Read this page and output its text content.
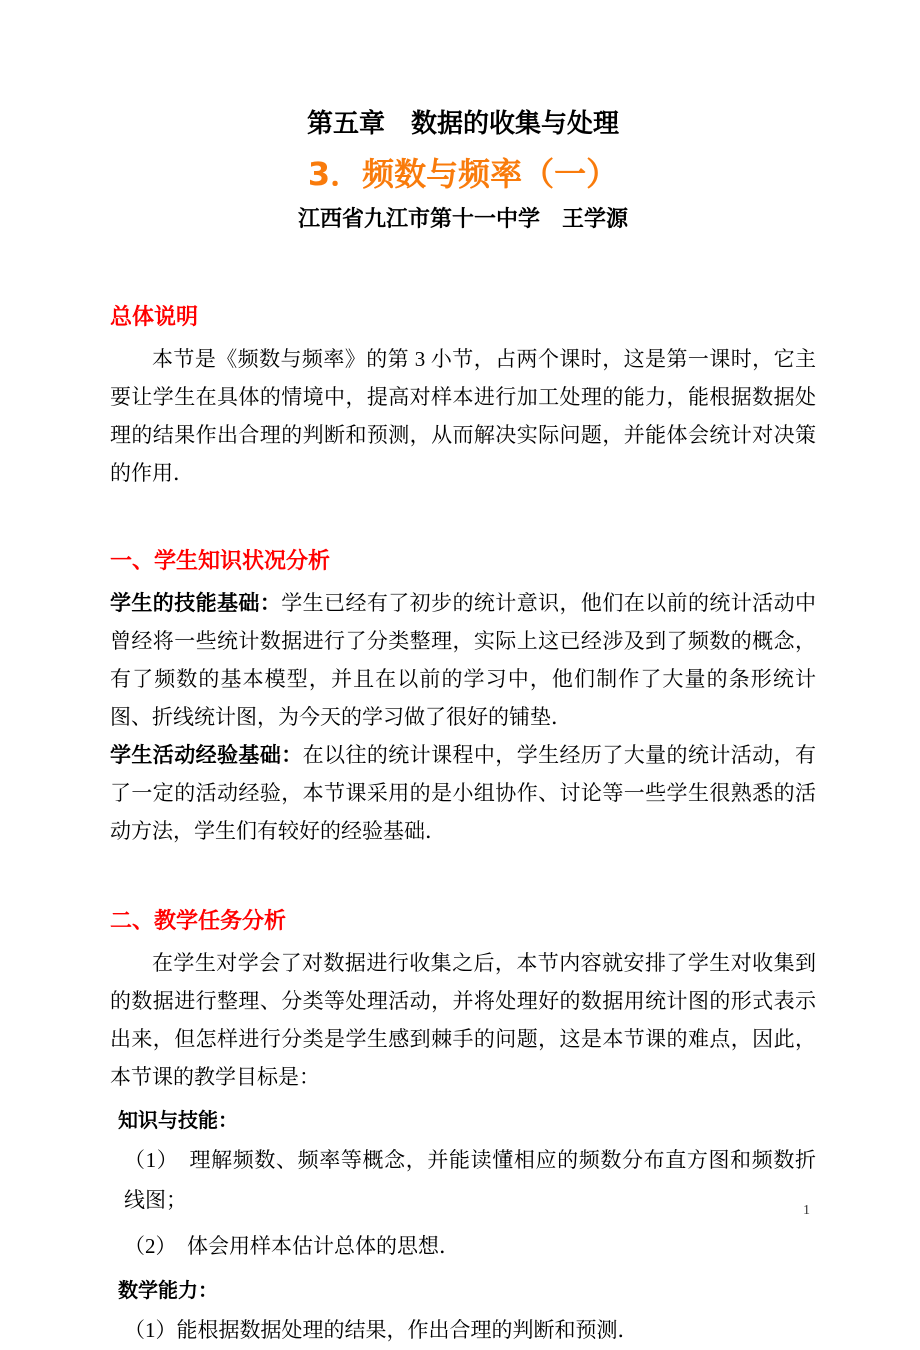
第五章　数据的收集与处理
3．频数与频率（一）
江西省九江市第十一中学　王学源
总体说明

本节是《频数与频率》的第 3 小节，占两个课时，这是第一课时，它主要让学生在具体的情境中，提高对样本进行加工处理的能力，能根据数据处理的结果作出合理的判断和预测，从而解决实际问题，并能体会统计对决策的作用．

一、学生知识状况分析

学生的技能基础：学生已经有了初步的统计意识，他们在以前的统计活动中曾经将一些统计数据进行了分类整理，实际上这已经涉及到了频数的概念，有了频数的基本模型，并且在以前的学习中，他们制作了大量的条形统计图、折线统计图，为今天的学习做了很好的铺垫．

学生活动经验基础：在以往的统计课程中，学生经历了大量的统计活动，有了一定的活动经验，本节课采用的是小组协作、讨论等一些学生很熟悉的活动方法，学生们有较好的经验基础．

二、教学任务分析

在学生对学会了对数据进行收集之后，本节内容就安排了学生对收集到的数据进行整理、分类等处理活动，并将处理好的数据用统计图的形式表示出来，但怎样进行分类是学生感到棘手的问题，这是本节课的难点，因此，本节课的教学目标是：

知识与技能：

（1）　理解频数、频率等概念，并能读懂相应的频数分布直方图和频数折线图；

（2）　体会用样本估计总体的思想．

数学能力：

（1）能根据数据处理的结果，作出合理的判断和预测．

1
